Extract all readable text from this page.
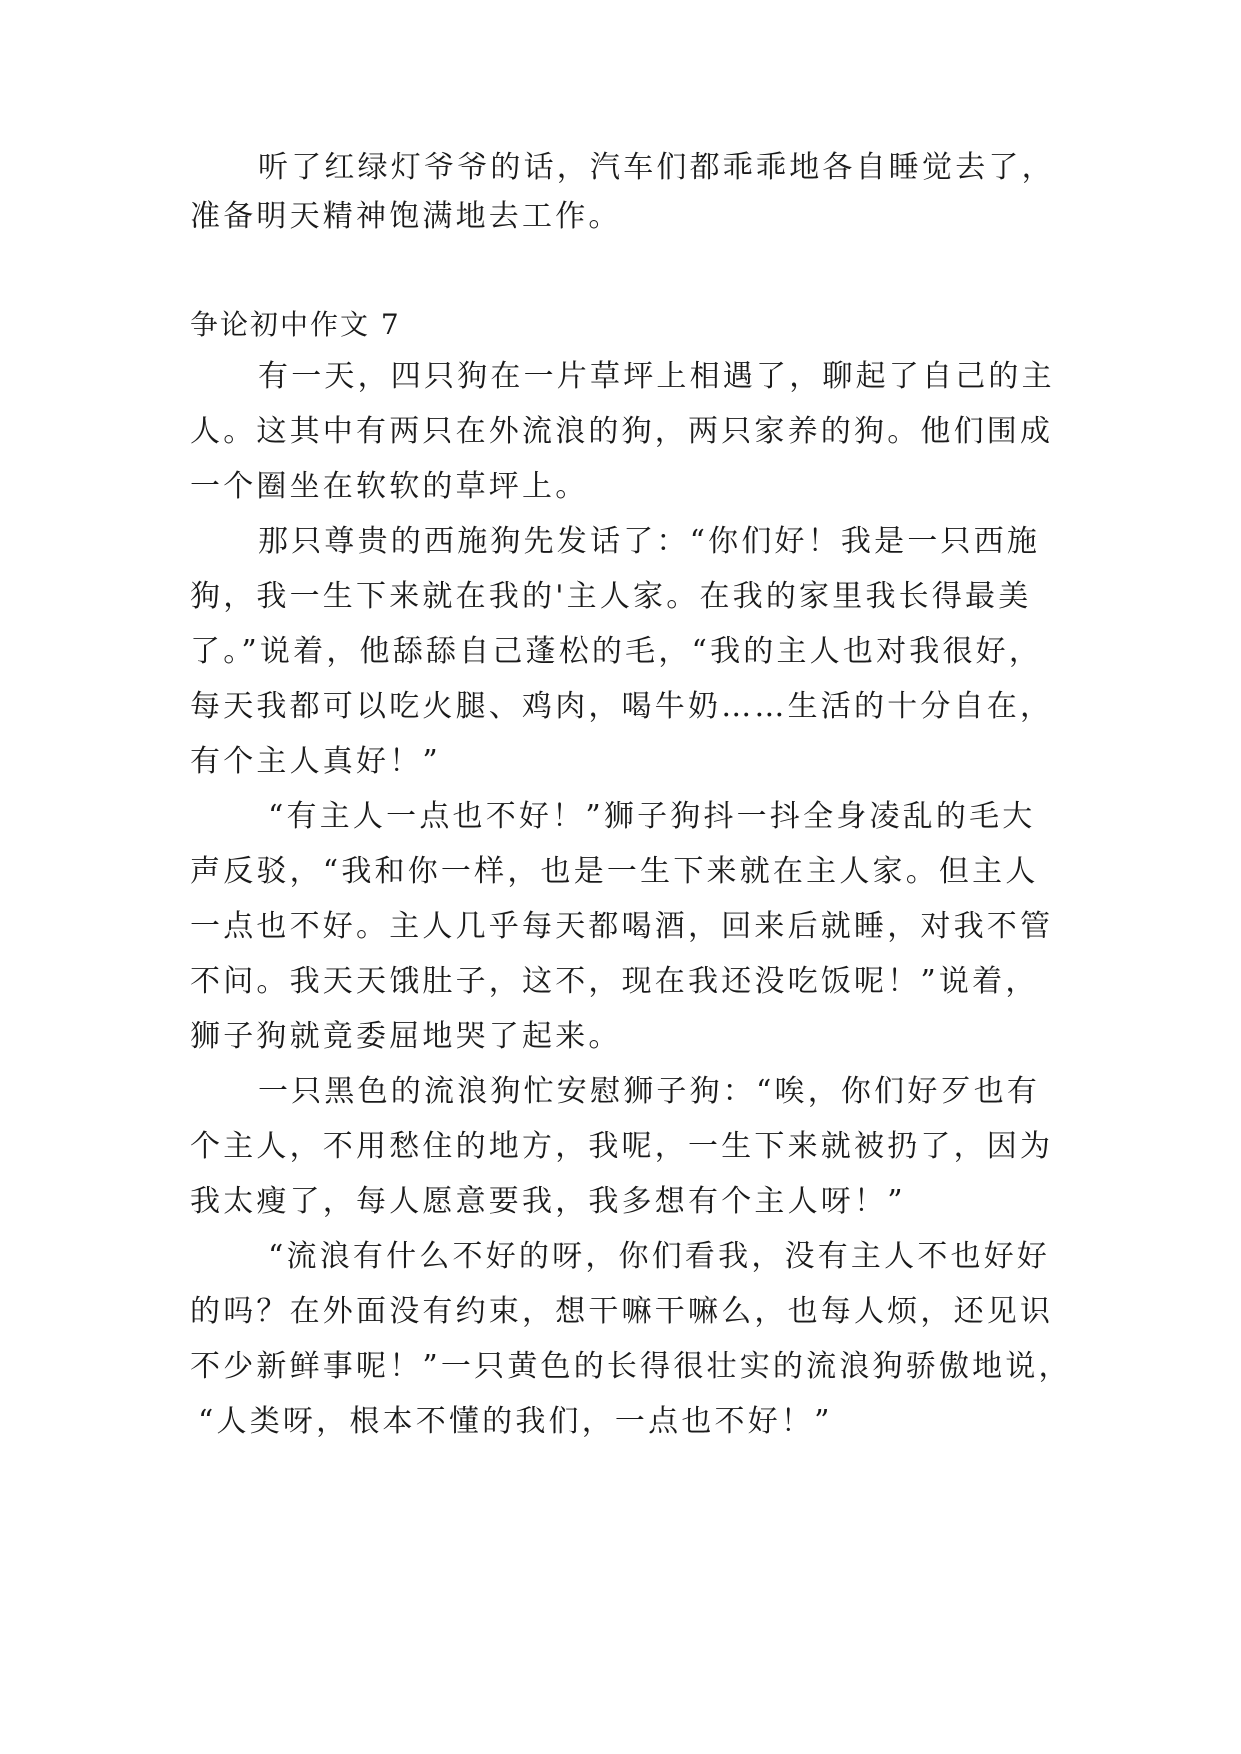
听了红绿灯爷爷的话，汽车们都乖乖地各自睡觉去了，
准备明天精神饱满地去工作。
争论初中作文 7
有一天，四只狗在一片草坪上相遇了，聊起了自己的主
人。这其中有两只在外流浪的狗，两只家养的狗。他们围成
一个圈坐在软软的草坪上。
那只尊贵的西施狗先发话了：“你们好！我是一只西施
狗，我一生下来就在我的'主人家。在我的家里我长得最美
了。”说着，他舔舔自己蓬松的毛，“我的主人也对我很好，
每天我都可以吃火腿、鸡肉，喝牛奶……生活的十分自在，
有个主人真好！”
“有主人一点也不好！”狮子狗抖一抖全身凌乱的毛大
声反驳，“我和你一样，也是一生下来就在主人家。但主人
一点也不好。主人几乎每天都喝酒，回来后就睡，对我不管
不问。我天天饿肚子，这不，现在我还没吃饭呢！”说着，
狮子狗就竟委屈地哭了起来。
一只黑色的流浪狗忙安慰狮子狗：“唉，你们好歹也有
个主人，不用愁住的地方，我呢，一生下来就被扔了，因为
我太瘦了，每人愿意要我，我多想有个主人呀！”
“流浪有什么不好的呀，你们看我，没有主人不也好好
的吗？在外面没有约束，想干嘛干嘛么，也每人烦，还见识
不少新鲜事呢！”一只黄色的长得很壮实的流浪狗骄傲地说，
“人类呀，根本不懂的我们，一点也不好！”
